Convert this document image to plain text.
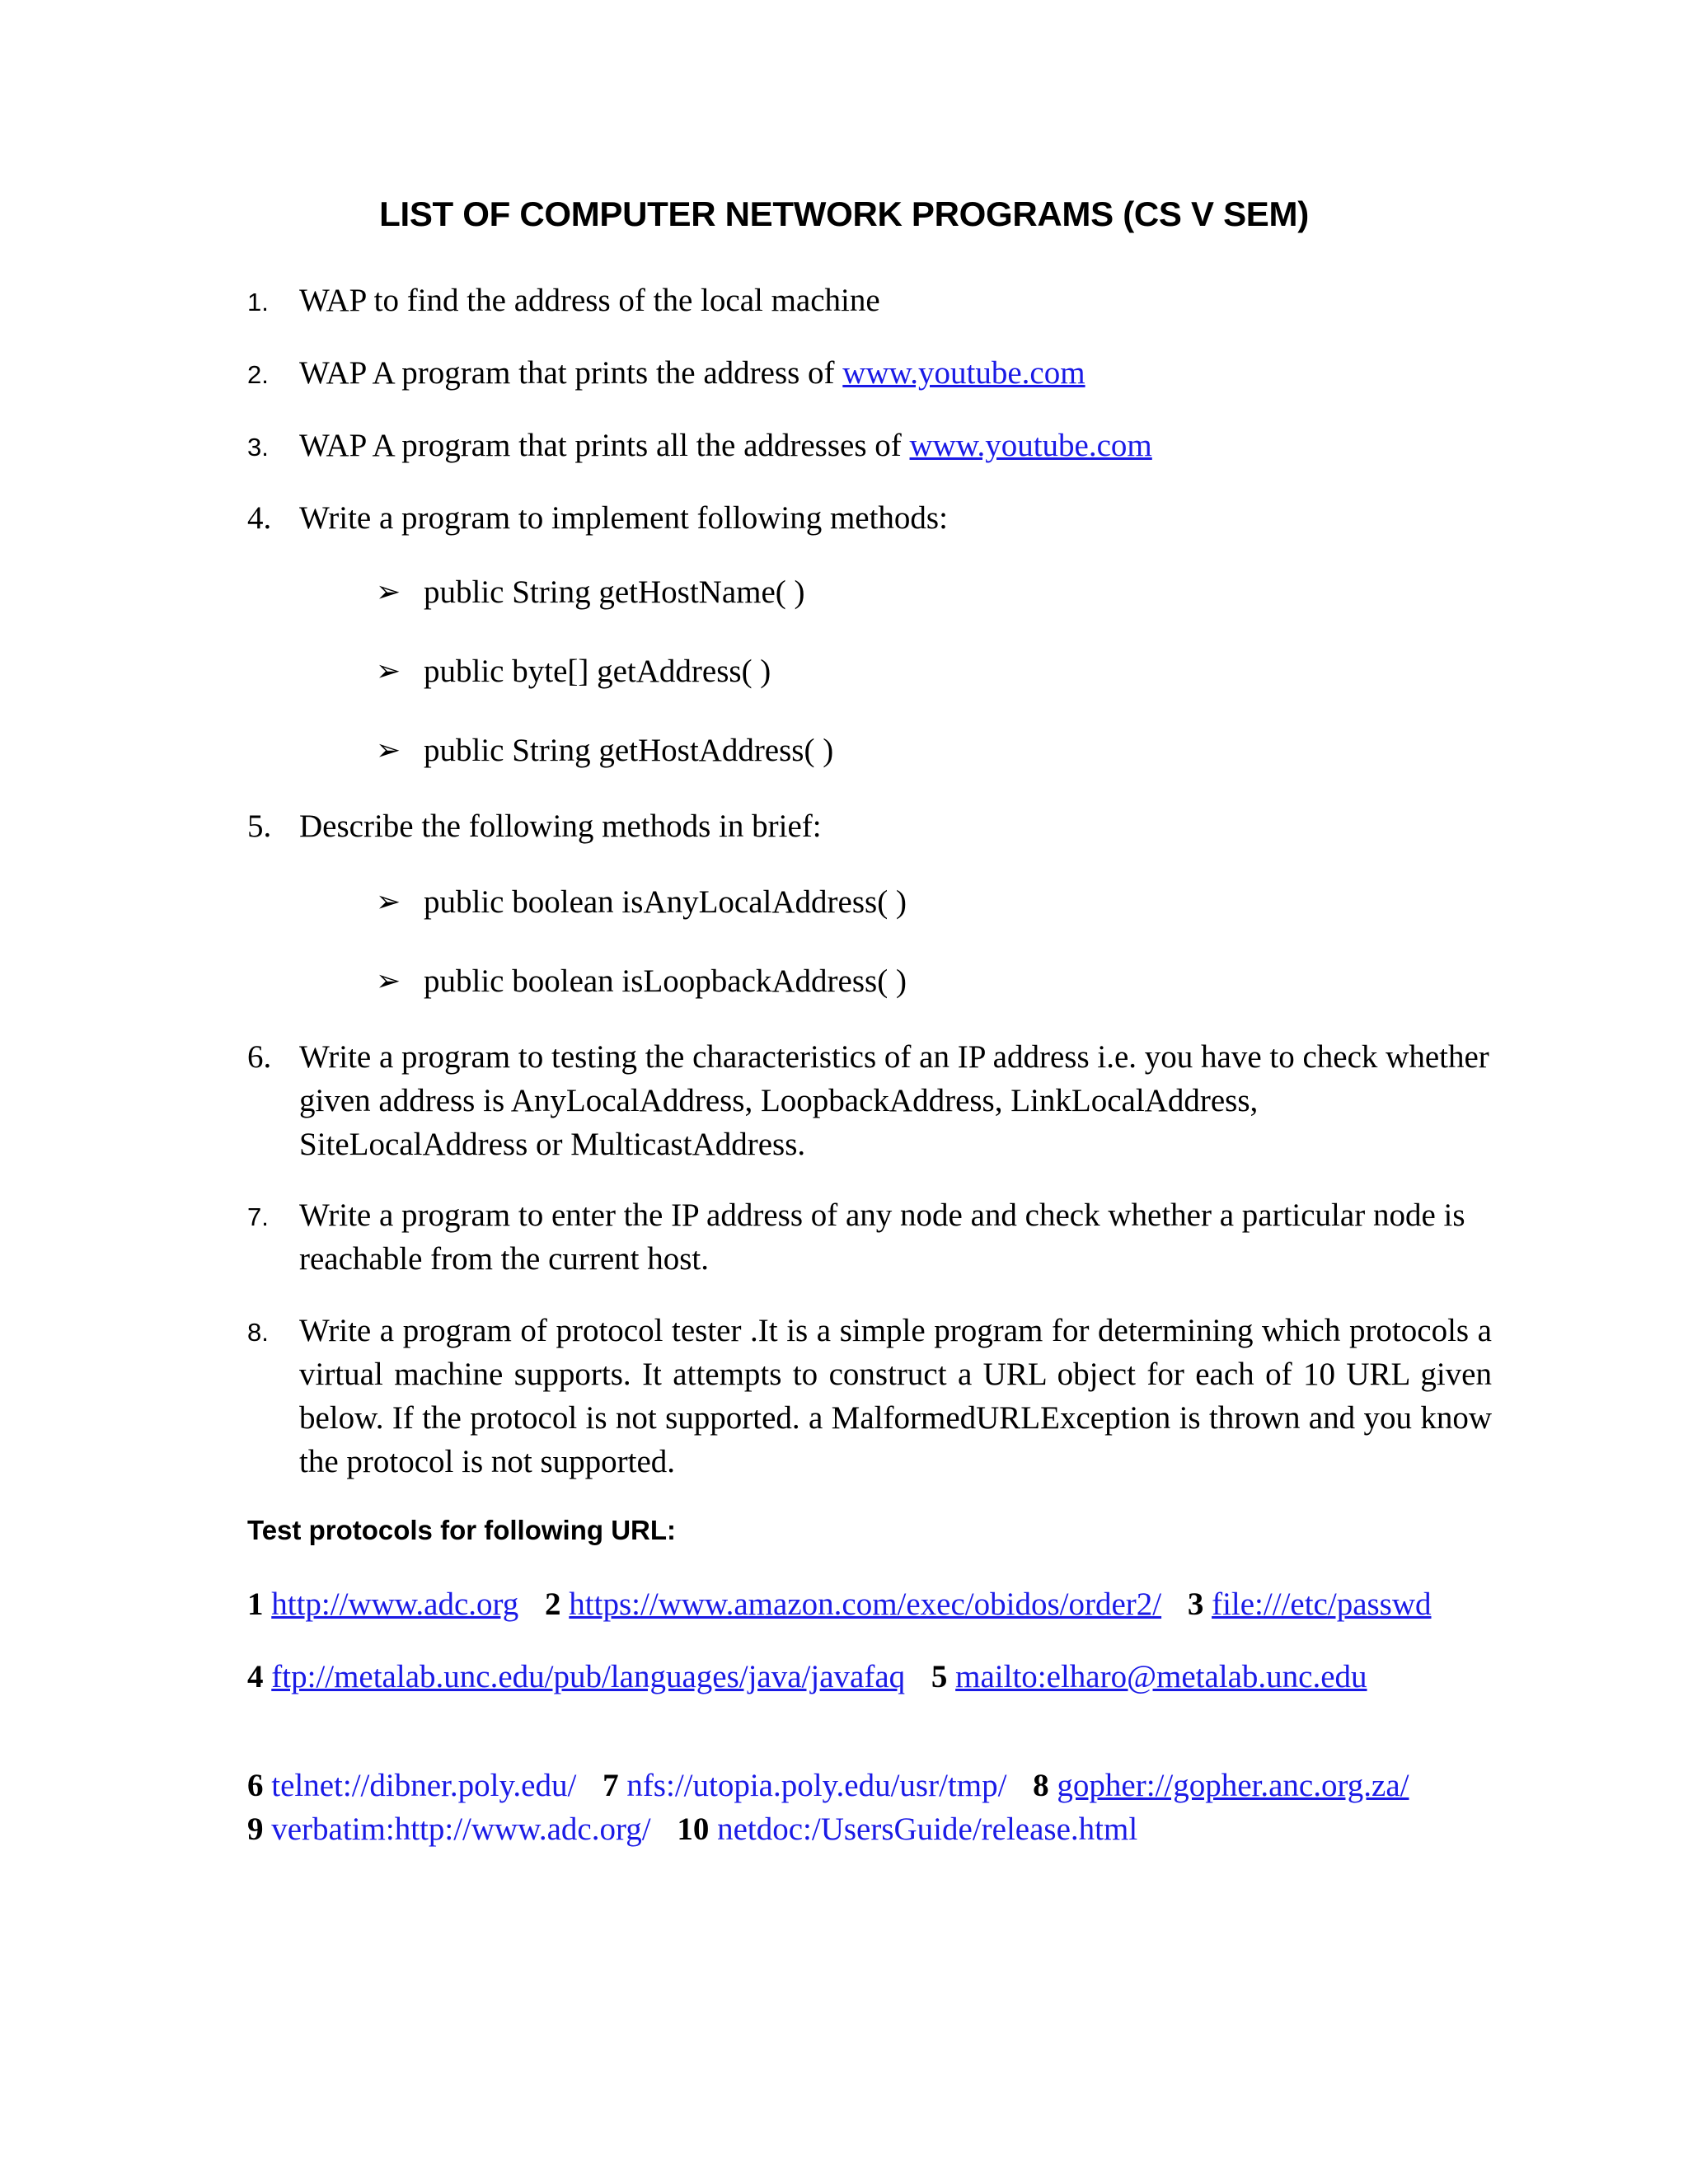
LIST OF COMPUTER NETWORK PROGRAMS (CS V SEM)
1. WAP to find the address of the local machine
2. WAP A program that prints the address of www.youtube.com
3. WAP A program that prints all the addresses of www.youtube.com
4. Write a program to implement following methods:
➢ public String getHostName( )
➢ public byte[] getAddress( )
➢ public String getHostAddress( )
5. Describe the following methods in brief:
➢ public boolean isAnyLocalAddress( )
➢ public boolean isLoopbackAddress( )
6. Write a program to testing the characteristics of an IP address i.e. you have to check whether given address is AnyLocalAddress, LoopbackAddress, LinkLocalAddress, SiteLocalAddress or MulticastAddress.
7. Write a program to enter the IP address of any node and check whether a particular node is reachable from the current host.
8. Write a program of protocol tester .It is a simple program for determining which protocols a virtual machine supports. It attempts to construct a URL object for each of 10 URL given below. If the protocol is not supported. a MalformedURLException is thrown and you know the protocol is not supported.
Test protocols for following URL:
1 http://www.adc.org 2 https://www.amazon.com/exec/obidos/order2/ 3 file:///etc/passwd
4 ftp://metalab.unc.edu/pub/languages/java/javafaq 5 mailto:elharo@metalab.unc.edu
6 telnet://dibner.poly.edu/ 7 nfs://utopia.poly.edu/usr/tmp/ 8 gopher://gopher.anc.org.za/
9 verbatim:http://www.adc.org/ 10 netdoc:/UsersGuide/release.html
